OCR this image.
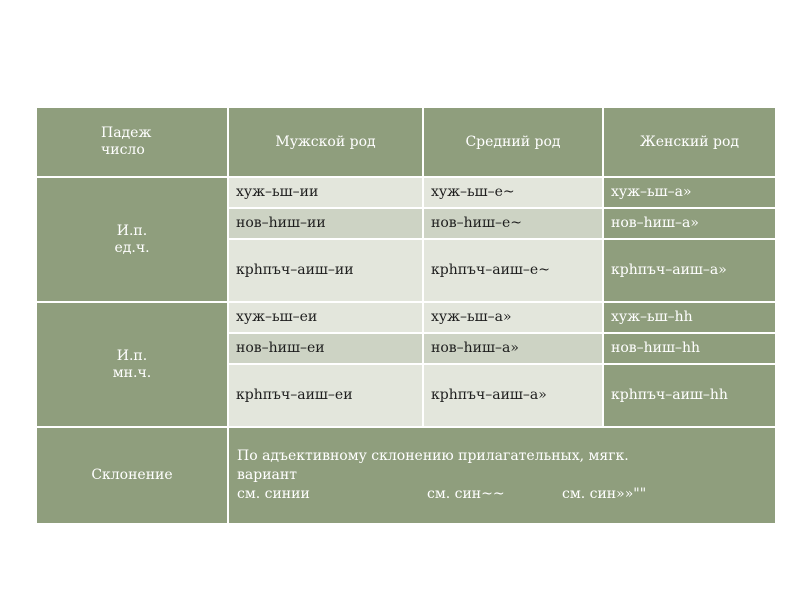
Падеж
число	Мужской род	Средний род	Женский род

И.п.
ед.ч.	хуж–ьш–ии	хуж–ьш–е~	хуж–ьш–а»
	нов–hиш–ии	нов–hиш–е~	нов–hиш–а»
	крhпъч–аиш–ии	крhпъч–аиш–е~	крhпъч–аиш–а»

И.п.
мн.ч.	хуж–ьш–еи	хуж–ьш–а»	хуж–ьш–hh
	нов–hиш–еи	нов–hиш–а»	нов–hиш–hh
	крhпъч–аиш–еи	крhпъч–аиш–а»	крhпъч–аиш–hh
Склонение	По адъективному склонению прилагательных, мягк.
вариант
см. синии см. син~~ см. син»»""		
